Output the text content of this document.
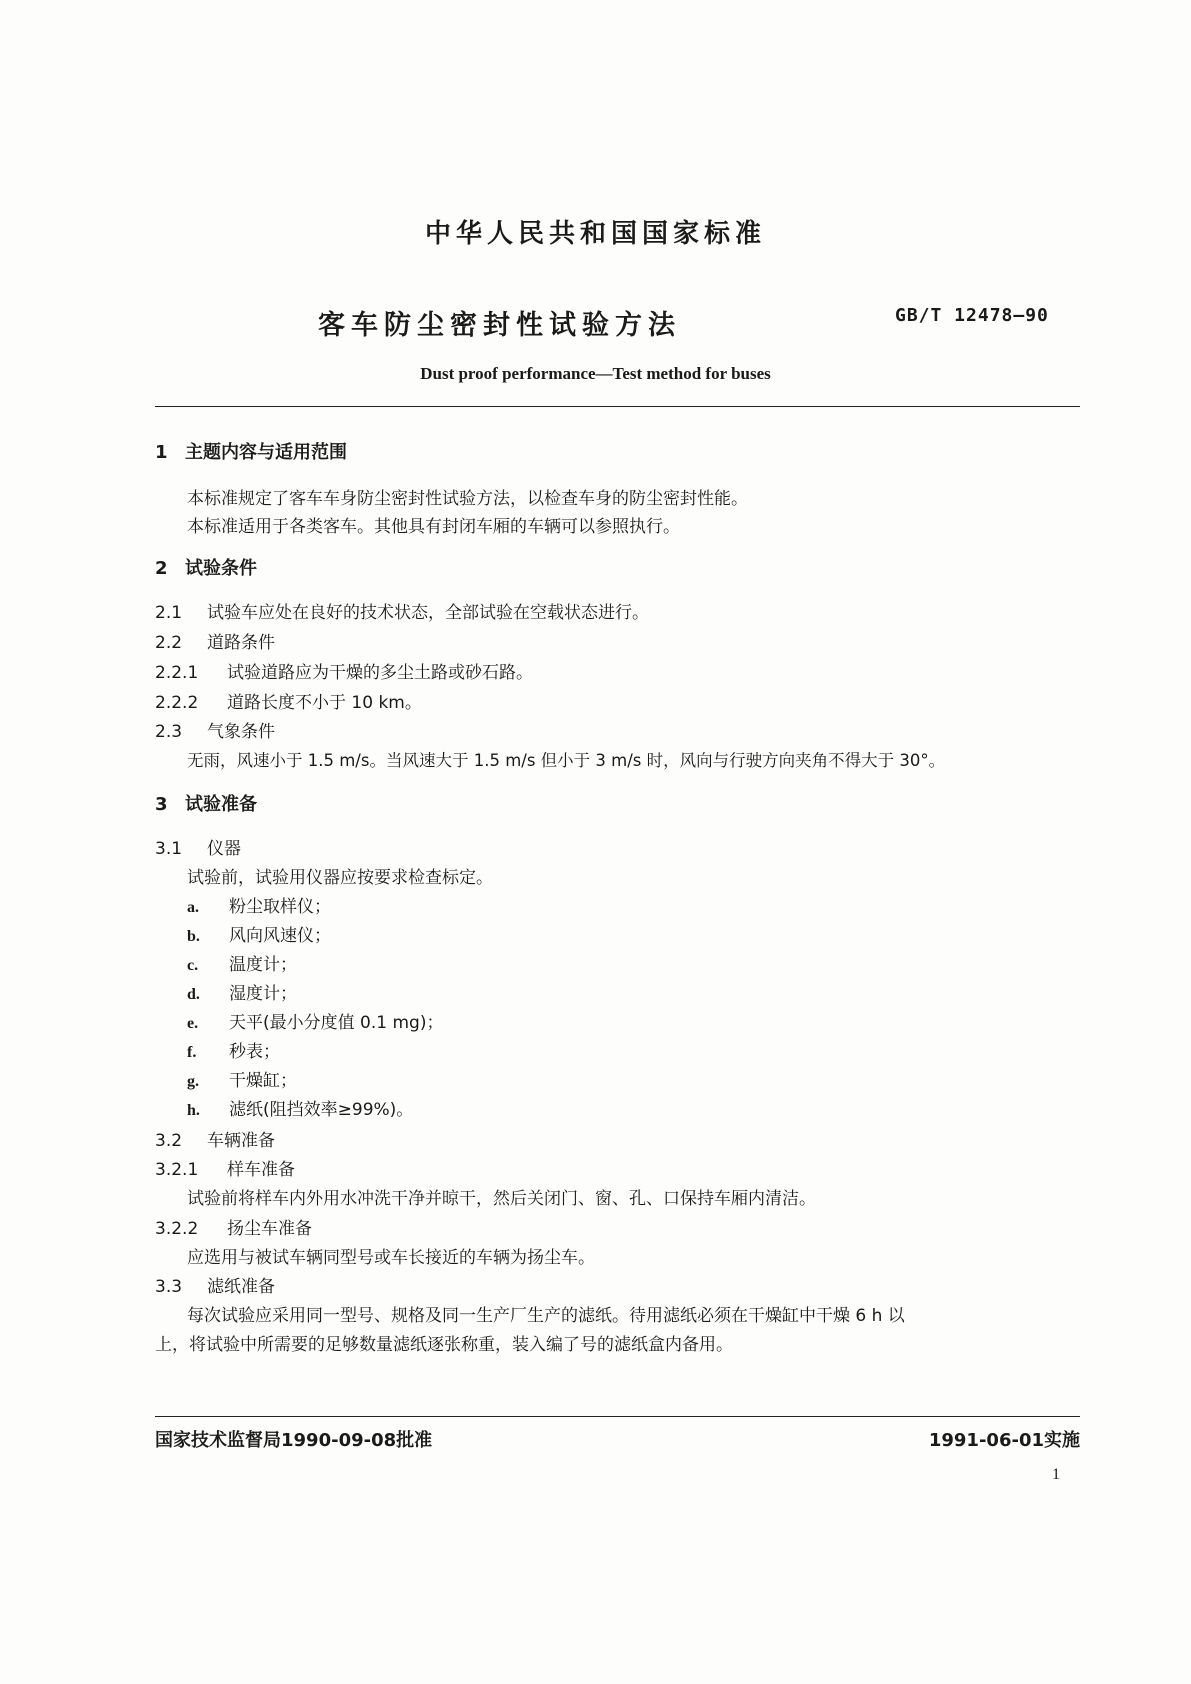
中华人民共和国国家标准
客车防尘密封性试验方法	GB/T 12478—90
Dust proof performance—Test method for buses
1 主题内容与适用范围
本标准规定了客车车身防尘密封性试验方法，以检查车身的防尘密封性能。
本标准适用于各类客车。其他具有封闭车厢的车辆可以参照执行。
2 试验条件
2.1 试验车应处在良好的技术状态，全部试验在空载状态进行。
2.2 道路条件
2.2.1 试验道路应为干燥的多尘土路或砂石路。
2.2.2 道路长度不小于 10 km。
2.3 气象条件
无雨，风速小于 1.5 m/s。当风速大于 1.5 m/s 但小于 3 m/s 时，风向与行驶方向夹角不得大于 30°。
3 试验准备
3.1 仪器
试验前，试验用仪器应按要求检查标定。
a. 粉尘取样仪；
b. 风向风速仪；
c. 温度计；
d. 湿度计；
e. 天平(最小分度值 0.1 mg)；
f. 秒表；
g. 干燥缸；
h. 滤纸(阻挡效率≥99%)。
3.2 车辆准备
3.2.1 样车准备
试验前将样车内外用水冲洗干净并晾干，然后关闭门、窗、孔、口保持车厢内清洁。
3.2.2 扬尘车准备
应选用与被试车辆同型号或车长接近的车辆为扬尘车。
3.3 滤纸准备
每次试验应采用同一型号、规格及同一生产厂生产的滤纸。待用滤纸必须在干燥缸中干燥 6 h 以
上，将试验中所需要的足够数量滤纸逐张称重，装入编了号的滤纸盒内备用。
国家技术监督局1990-09-08批准	1991-06-01实施
1
